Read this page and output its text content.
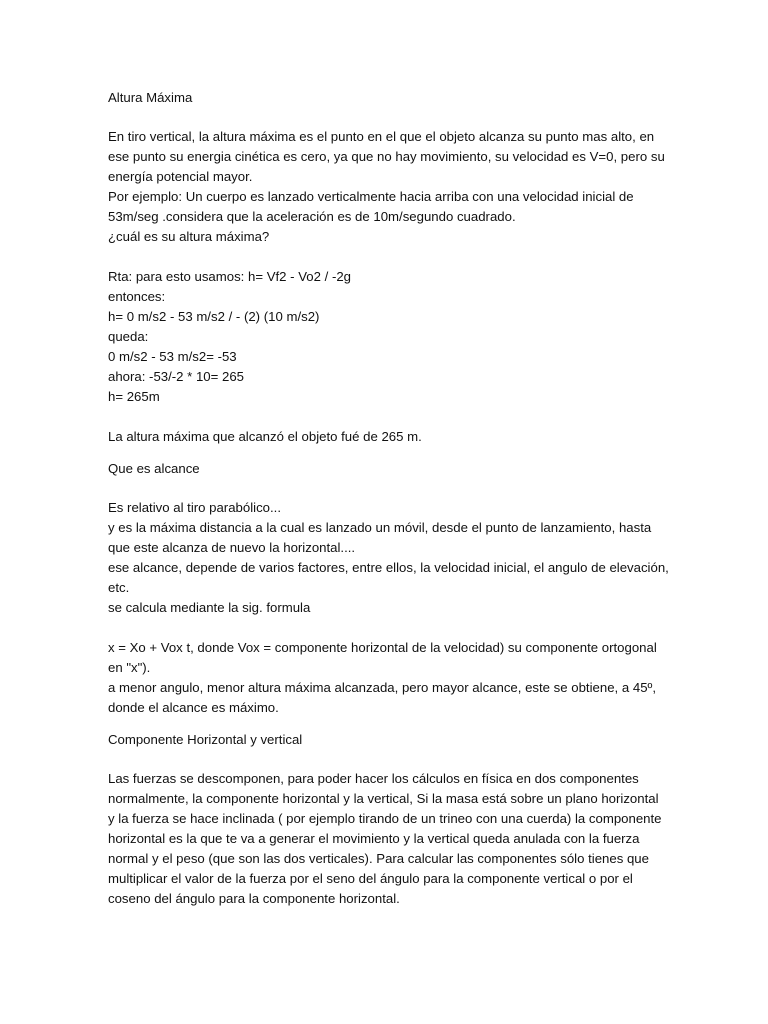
Altura Máxima

En tiro vertical, la altura máxima es el punto en el que el objeto alcanza su punto mas alto, en
ese punto su energia cinética es cero, ya que no hay movimiento, su velocidad es V=0, pero su
energía potencial mayor.
Por ejemplo: Un cuerpo es lanzado verticalmente hacia arriba con una velocidad inicial de
53m/seg .considera que la aceleración es de 10m/segundo cuadrado.
¿cuál es su altura máxima?

Rta: para esto usamos: h= Vf2 - Vo2 / -2g
entonces:
h= 0 m/s2 - 53 m/s2 / - (2) (10 m/s2)
queda:
0 m/s2 - 53 m/s2= -53
ahora: -53/-2 * 10= 265
h= 265m

La altura máxima que alcanzó el objeto fué de 265 m.

Que es alcance

Es relativo al tiro parabólico...
y es la máxima distancia a la cual es lanzado un móvil, desde el punto de lanzamiento, hasta
que este alcanza de nuevo la horizontal....
ese alcance, depende de varios factores, entre ellos, la velocidad inicial, el angulo de elevación,
etc.
se calcula mediante la sig. formula

x = Xo + Vox t, donde Vox = componente horizontal de la velocidad) su componente ortogonal
en "x").
a menor angulo, menor altura máxima alcanzada, pero mayor alcance, este se obtiene, a 45º,
donde el alcance es máximo.

Componente Horizontal y vertical

Las fuerzas se descomponen, para poder hacer los cálculos en física en dos componentes
normalmente, la componente horizontal y la vertical, Si la masa está sobre un plano horizontal
y la fuerza se hace inclinada ( por ejemplo tirando de un trineo con una cuerda) la componente
horizontal es la que te va a generar el movimiento y la vertical queda anulada con la fuerza
normal y el peso (que son las dos verticales). Para calcular las componentes sólo tienes que
multiplicar el valor de la fuerza por el seno del ángulo para la componente vertical o por el
coseno del ángulo para la componente horizontal.
